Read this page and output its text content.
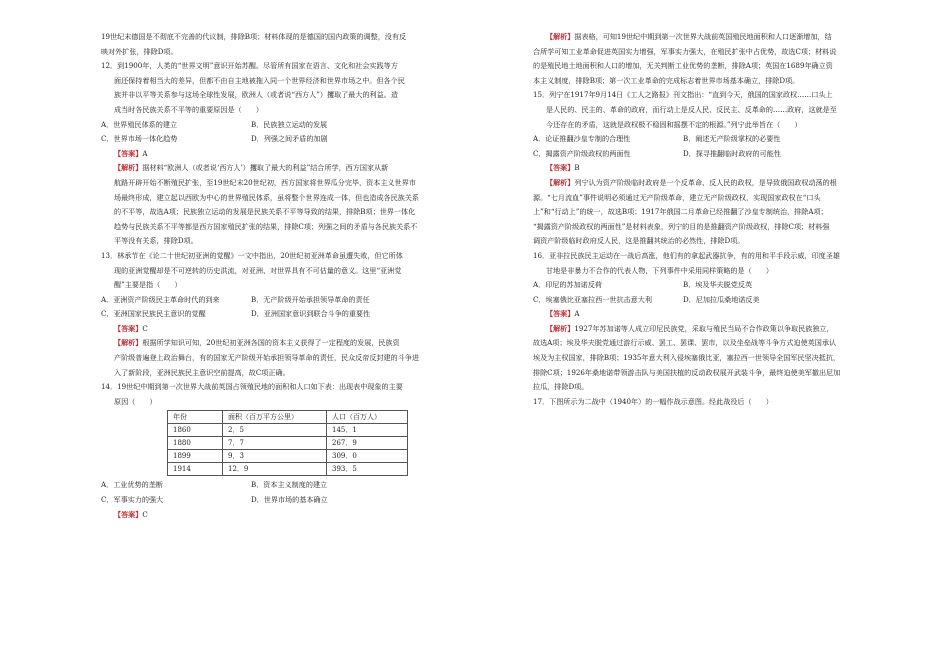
19世纪末德国是不彻底不完善的代议制，排除B项；材料体现的是德国的国内政策的调整，没有反

映对外扩张，排除D项。

12．到1900年，人类的“世界文明”意识开始苏醒。尽管所有国家在语言、文化和社会实践等方

面还保持着相当大的差异，但都不由自主地被拖入同一个世界经济和世界市场之中。但各个民

族并非以平等关系参与这场全球性发展，欧洲人（或者说“西方人”）攫取了最大的利益。造

成当时各民族关系不平等的重要原因是（　　）

A．世界殖民体系的建立	B．民族独立运动的发展
C．世界市场一体化趋势	D．列强之间矛盾的加剧

【答案】A

【解析】据材料“欧洲人（或者说‘西方人’）攫取了最大的利益”结合所学，西方国家从新

航路开辟开始不断殖民扩张，至19世纪末20世纪初，西方国家将世界瓜分完毕，资本主义世界市

场最终形成，建立起以西欧为中心的世界殖民体系，虽将整个世界连成一体，但也造成各民族关系

的不平等，故选A项；民族独立运动的发展是民族关系不平等导致的结果，排除B项；世界一体化

趋势与民族关系不平等都是西方国家殖民扩张的结果，排除C项；列强之间的矛盾与各民族关系不

平等没有关系，排除D项。

13．林承节在《论二十世纪初亚洲的觉醒》一文中指出，20世纪初亚洲革命虽遭失败，但它所体

现的亚洲觉醒却是不可逆转的历史洪流，对亚洲、对世界具有不可估量的意义。这里“亚洲觉

醒”主要是指（　　）

A．亚洲资产阶级民主革命时代的到来	B．无产阶级开始承担领导革命的责任
C．亚洲国家民族民主意识的觉醒	D．亚洲国家意识到联合斗争的重要性

【答案】C

【解析】根据所学知识可知，20世纪初亚洲各国的资本主义获得了一定程度的发展，民族资

产阶级普遍登上政治舞台，有的国家无产阶级开始承担领导革命的责任，民众反帝反封建的斗争进

入了新阶段，亚洲民族民主意识空前提高，故C项正确。

14．19世纪中期到第一次世界大战前英国占领殖民地的面积和人口如下表：出现表中现象的主要

原因（　　）

年份	面积（百万平方公里）	人口（百万人）
1860	2．5	145．1
1880	7．7	267．9
1899	9．3	309．0
1914	12．9	393．5
A．工业优势的垄断	B．资本主义制度的建立
C．军事实力的强大	D．世界市场的基本确立

【答案】C

【解析】据表格，可知19世纪中期到第一次世界大战前英国殖民地面积和人口逐渐增加，结

合所学可知工业革命促进英国实力增强，军事实力强大，在殖民扩张中占优势，故选C项；材料说

的是殖民地土地面积和人口的增加，无关判断工业优势的垄断，排除A项；英国在1689年确立资

本主义制度，排除B项；第一次工业革命的完成标志着世界市场基本确立，排除D项。

15．列宁在1917年9月14日《工人之路报》刊文指出：“直到今天，俄国的国家政权……口头上

是人民的、民主的、革命的政府，而行动上是反人民、反民主、反革命的……政府，这就是至

今还存在的矛盾，这就是政权极不稳固和摇摆不定的根源。”列宁此举旨在（　　）

A．论证推翻沙皇专制的合理性	B．阐述无产阶级掌权的必要性
C．揭露资产阶级政权的两面性	D．探寻推翻临时政府的可能性

【答案】B

【解析】列宁认为资产阶级临时政府是一个反革命、反人民的政权，是导致俄国政权动荡的根

源。“七月流血”事件说明必须通过无产阶级革命，建立无产阶级政权，实现国家政权在“口头

上”和“行动上”的统一，故选B项；1917年俄国二月革命已经推翻了沙皇专制统治，排除A项；

“揭露资产阶级政权的两面性”是材料表象，列宁的目的是推翻资产阶级政权，排除C项；材料强

调资产阶级临时政府反人民，这是推翻其统治的必然性，排除D项。

16．亚非拉民族民主运动在一战后高涨，他们有的拿起武器抗争，有的用和平手段示威，印度圣雄

甘地是非暴力不合作的代表人物，下列事件中采用同样策略的是（　　）

A．印尼的苏加诺反荷	B．埃及华夫脱党反英
C．埃塞俄比亚塞拉西一世抗击意大利	D．尼加拉瓜桑地诺反美

【答案】A

【解析】1927年苏加诺等人成立印尼民族党，采取与殖民当局不合作政策以争取民族独立，

故选A项；埃及华夫脱党通过游行示威、罢工、罢课、罢市，以及坐垒战等斗争方式迫使英国承认

埃及为主权国家，排除B项；1935年意大利入侵埃塞俄比亚，塞拉西一世领导全国军民坚决抵抗，

排除C项；1926年桑地诺带领游击队与美国扶植的反动政权展开武装斗争，最终迫使美军撤出尼加

拉瓜，排除D项。

17．下图所示为二战中（1940年）的一幅作战示意图。经此战役后（　　）
